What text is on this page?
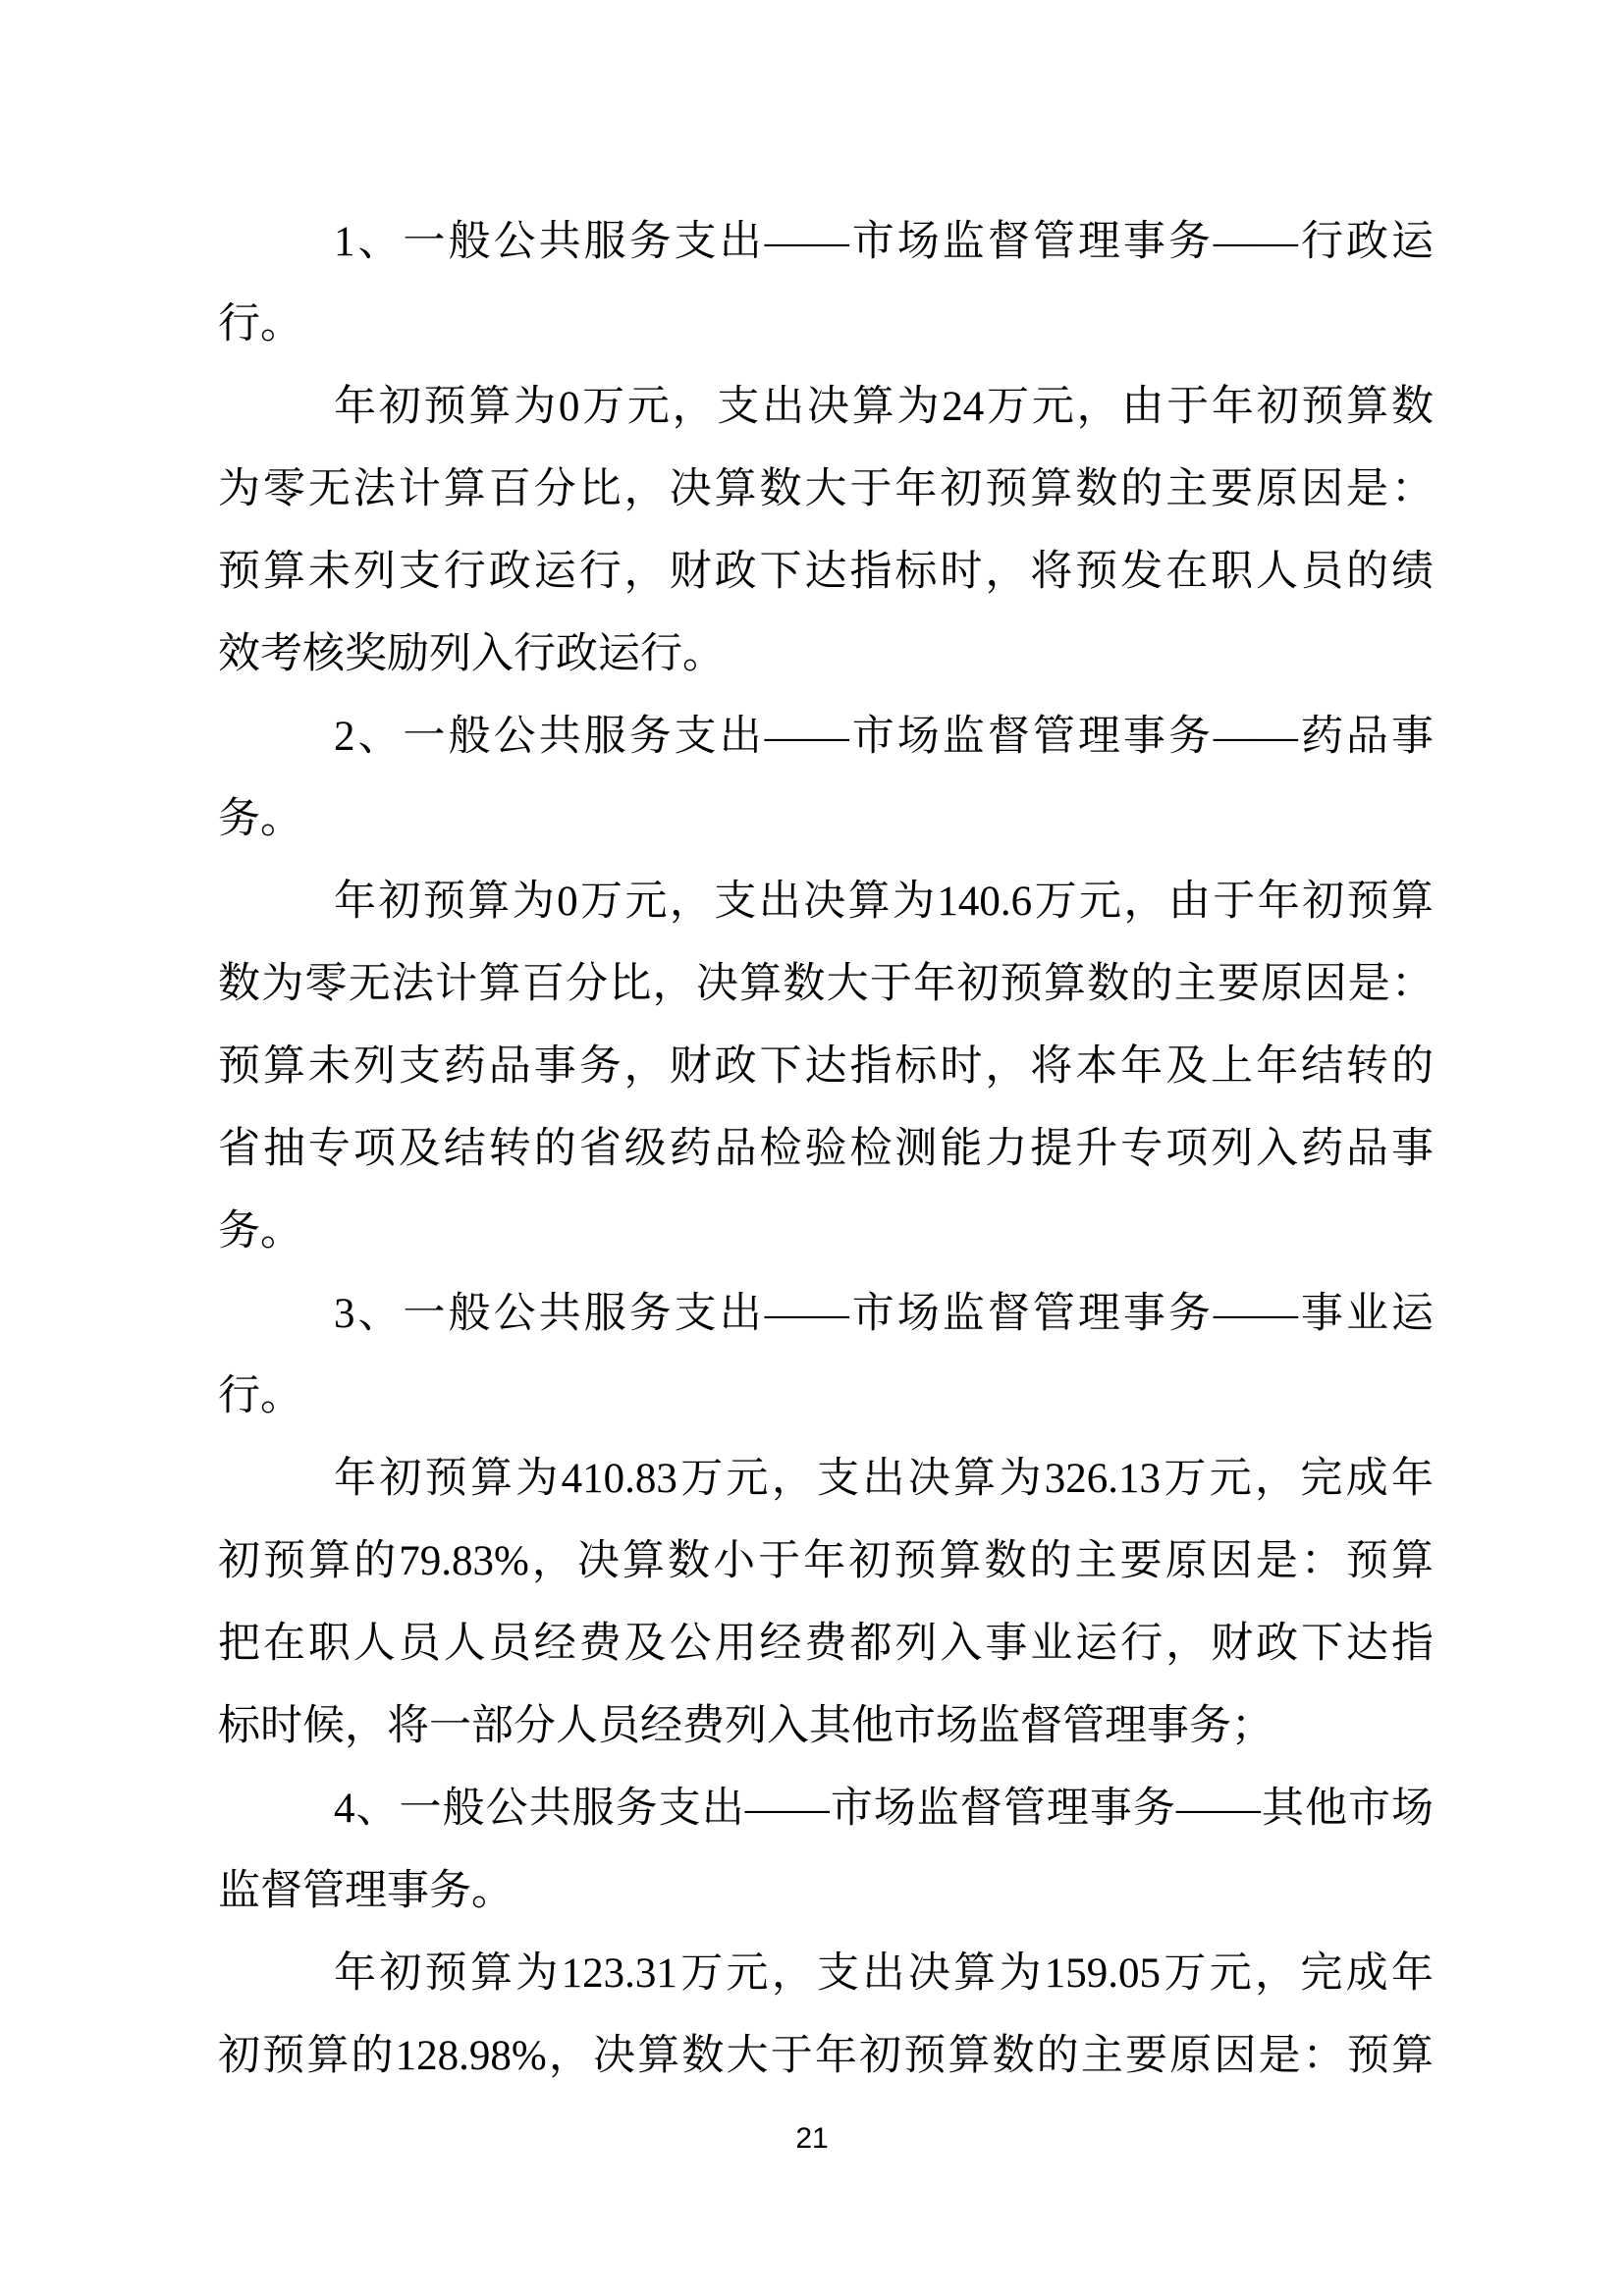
1、一般公共服务支出——市场监督管理事务——行政运
行。
年初预算为0万元，支出决算为24万元，由于年初预算数
为零无法计算百分比，决算数大于年初预算数的主要原因是：
预算未列支行政运行，财政下达指标时，将预发在职人员的绩
效考核奖励列入行政运行。
2、一般公共服务支出——市场监督管理事务——药品事
务。
年初预算为0万元，支出决算为140.6万元，由于年初预算
数为零无法计算百分比，决算数大于年初预算数的主要原因是：
预算未列支药品事务，财政下达指标时，将本年及上年结转的
省抽专项及结转的省级药品检验检测能力提升专项列入药品事
务。
3、一般公共服务支出——市场监督管理事务——事业运
行。
年初预算为410.83万元，支出决算为326.13万元，完成年
初预算的79.83%，决算数小于年初预算数的主要原因是：预算
把在职人员人员经费及公用经费都列入事业运行，财政下达指
标时候，将一部分人员经费列入其他市场监督管理事务；
4、一般公共服务支出——市场监督管理事务——其他市场
监督管理事务。
年初预算为123.31万元，支出决算为159.05万元，完成年
初预算的128.98%，决算数大于年初预算数的主要原因是：预算
21
